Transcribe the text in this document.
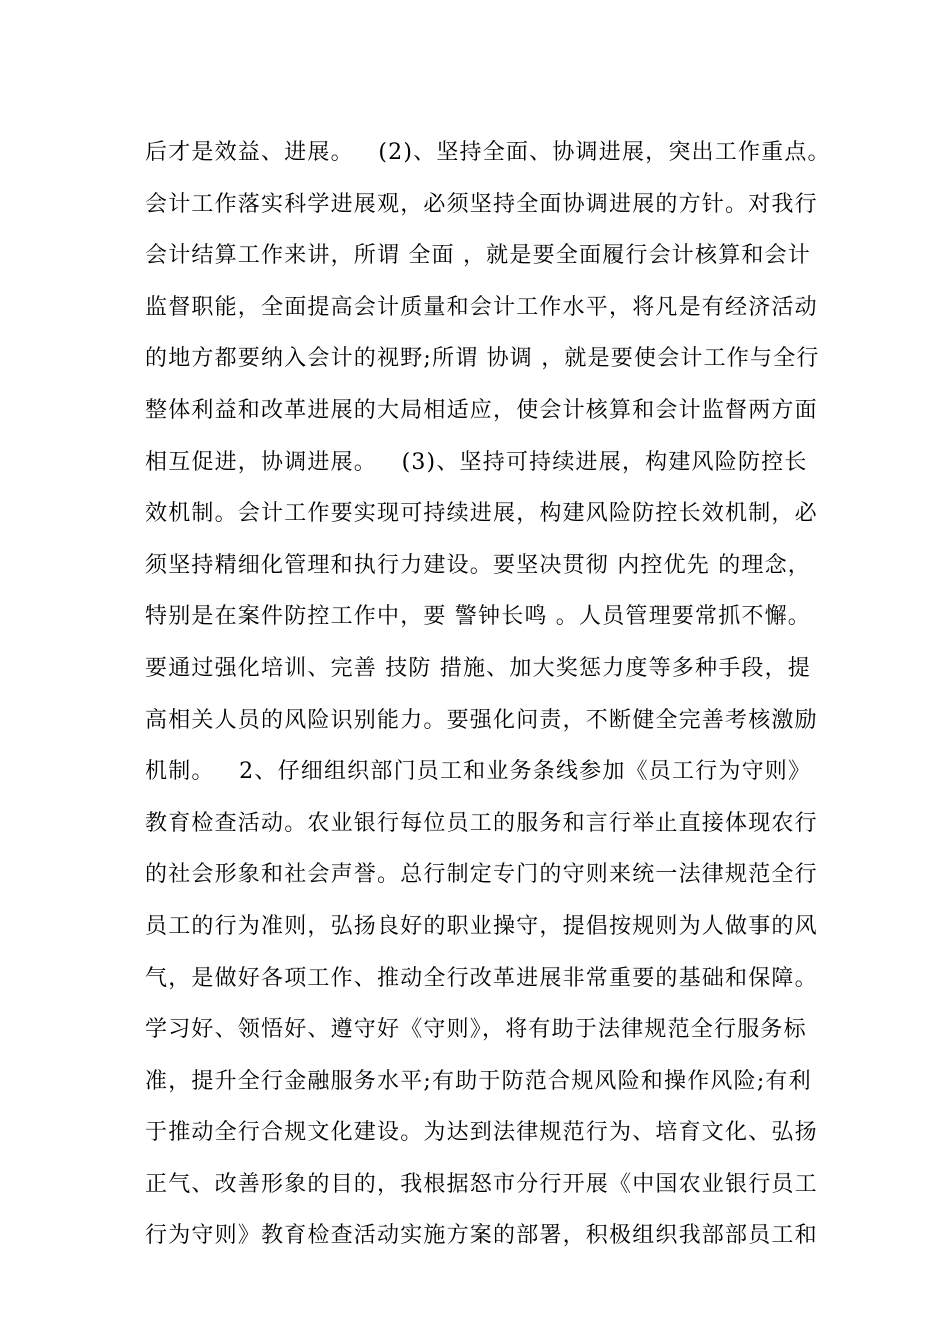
后才是效益、进展。   (2)、坚持全面、协调进展，突出工作重点。
会计工作落实科学进展观，必须坚持全面协调进展的方针。对我行
会计结算工作来讲，所谓 全面 ，就是要全面履行会计核算和会计
监督职能，全面提高会计质量和会计工作水平，将凡是有经济活动
的地方都要纳入会计的视野;所谓 协调 ，就是要使会计工作与全行
整体利益和改革进展的大局相适应，使会计核算和会计监督两方面
相互促进，协调进展。   (3)、坚持可持续进展，构建风险防控长
效机制。会计工作要实现可持续进展，构建风险防控长效机制，必
须坚持精细化管理和执行力建设。要坚决贯彻 内控优先 的理念，
特别是在案件防控工作中，要 警钟长鸣 。人员管理要常抓不懈。
要通过强化培训、完善 技防 措施、加大奖惩力度等多种手段，提
高相关人员的风险识别能力。要强化问责，不断健全完善考核激励
机制。   2、仔细组织部门员工和业务条线参加《员工行为守则》
教育检查活动。农业银行每位员工的服务和言行举止直接体现农行
的社会形象和社会声誉。总行制定专门的守则来统一法律规范全行
员工的行为准则，弘扬良好的职业操守，提倡按规则为人做事的风
气，是做好各项工作、推动全行改革进展非常重要的基础和保障。
学习好、领悟好、遵守好《守则》，将有助于法律规范全行服务标
准，提升全行金融服务水平;有助于防范合规风险和操作风险;有利
于推动全行合规文化建设。为达到法律规范行为、培育文化、弘扬
正气、改善形象的目的，我根据怒市分行开展《中国农业银行员工
行为守则》教育检查活动实施方案的部署，积极组织我部部员工和
